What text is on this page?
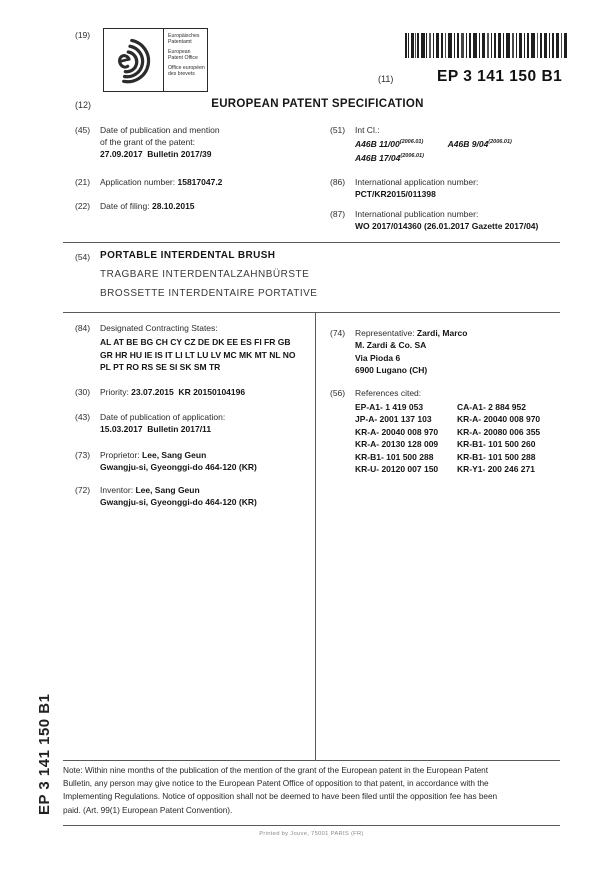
(19)	Europäisches Patentamt
European Patent Office
Office européen des brevets	(11)	EP 3 141 150 B1
(12)	EUROPEAN PATENT SPECIFICATION
(45)	Date of publication and mention
of the grant of the patent:
27.09.2017  Bulletin 2017/39
(21)	Application number: 15817047.2
(22)	Date of filing: 28.10.2015
(51)	Int Cl.:
A46B $11/00^{(2006.01)}$	A46B $9/04^{(2006.01)}$
A46B $17/04^{(2006.01)}$
(86)	International application number:
PCT/KR2015/011398
(87)	International publication number:
WO 2017/014360 (26.01.2017 Gazette 2017/04)
(54) PORTABLE INTERDENTAL BRUSH
TRAGBARE INTERDENTALZAHNBÜRSTE
BROSSETTE INTERDENTAIRE PORTATIVE
(84)	Designated Contracting States:
AL AT BE BG CH CY CZ DE DK EE ES FI FR GB
GR HR HU IE IS IT LI LT LU LV MC MK MT NL NO
PL PT RO RS SE SI SK SM TR
(30)	Priority: 23.07.2015  KR 20150104196
(43)	Date of publication of application:
15.03.2017  Bulletin 2017/11
(73)	Proprietor: Lee, Sang Geun
Gwangju-si, Gyeonggi-do 464-120 (KR)
(72)	Inventor: Lee, Sang Geun
Gwangju-si, Gyeonggi-do 464-120 (KR)
(74)	Representative: Zardi, Marco
M. Zardi & Co. SA
Via Pioda 6
6900 Lugano (CH)
(56)	References cited:
EP-A1- 1 419 053	CA-A1- 2 884 952
JP-A- 2001 137 103	KR-A- 20040 008 970
KR-A- 20040 008 970	KR-A- 20080 006 355
KR-A- 20130 128 009	KR-B1- 101 500 260
KR-B1- 101 500 288	KR-B1- 101 500 288
KR-U- 20120 007 150	KR-Y1- 200 246 271
EP 3 141 150 B1 Note: Within nine months of the publication of the mention of the grant of the European patent in the European Patent
Bulletin, any person may give notice to the European Patent Office of opposition to that patent, in accordance with the
Implementing Regulations. Notice of opposition shall not be deemed to have been filed until the opposition fee has been
paid. (Art. 99(1) European Patent Convention).
Printed by Jouve, 75001 PARIS (FR)
